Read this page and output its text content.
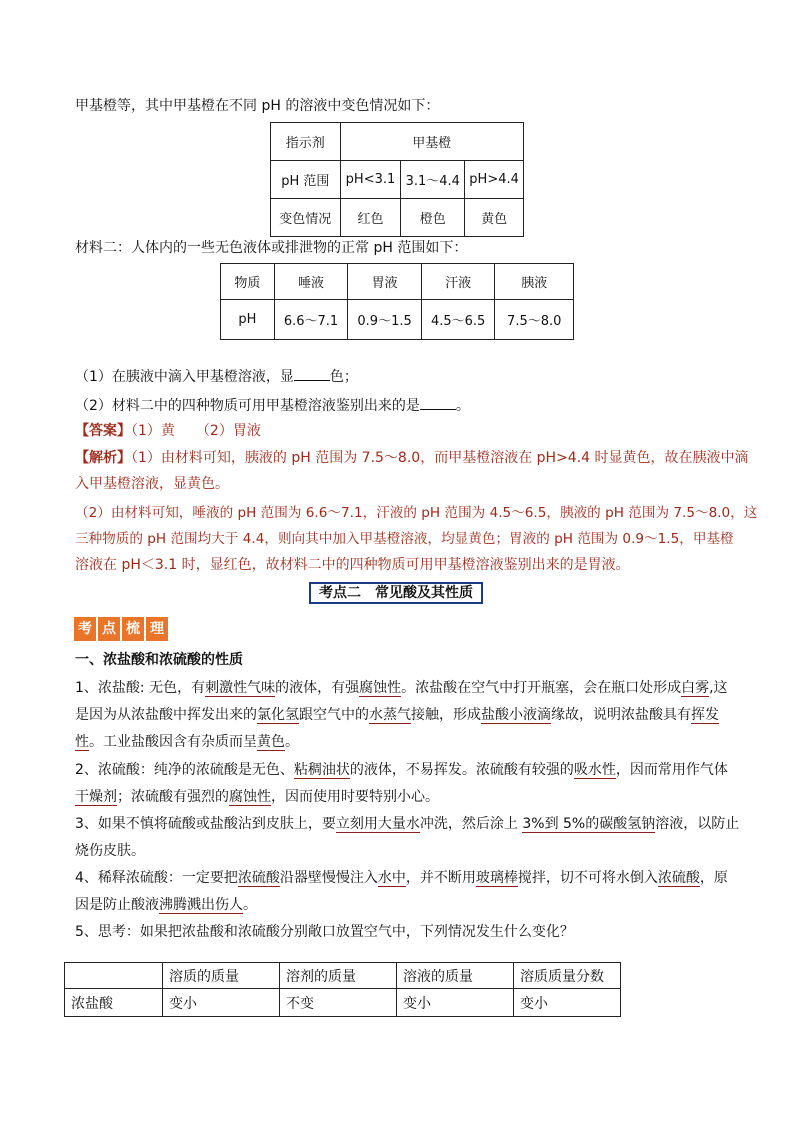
甲基橙等，其中甲基橙在不同 pH 的溶液中变色情况如下：
指示剂	甲基橙		
pH 范围	pH<3.1	3.1～4.4	pH>4.4
变色情况	红色	橙色	黄色
材料二：人体内的一些无色液体或排泄物的正常 pH 范围如下：
物质	唾液	胃液	汗液	胰液
pH	6.6～7.1	0.9～1.5	4.5～6.5	7.5～8.0
（1）在胰液中滴入甲基橙溶液，显	色；
（2）材料二中的四种物质可用甲基橙溶液鉴别出来的是	。
【答案】（1）黄　　（2）胃液
【解析】（1）由材料可知，胰液的 pH 范围为 7.5～8.0，而甲基橙溶液在 pH>4.4 时显黄色，故在胰液中滴
入甲基橙溶液，显黄色。
（2）由材料可知，唾液的 pH 范围为 6.6～7.1，汗液的 pH 范围为 4.5～6.5，胰液的 pH 范围为 7.5～8.0，这
三种物质的 pH 范围均大于 4.4，则向其中加入甲基橙溶液，均显黄色；胃液的 pH 范围为 0.9～1.5，甲基橙
溶液在 pH＜3.1 时，显红色，故材料二中的四种物质可用甲基橙溶液鉴别出来的是胃液。
考点二　常见酸及其性质
考 点 梳 理
一、浓盐酸和浓硫酸的性质
1、浓盐酸: 无色，有刺激性气味的液体，有强腐蚀性。浓盐酸在空气中打开瓶塞，会在瓶口处形成白雾,这
是因为从浓盐酸中挥发出来的氯化氢跟空气中的水蒸气接触，形成盐酸小液滴缘故，说明浓盐酸具有挥发
性。工业盐酸因含有杂质而呈黄色。
2、浓硫酸：纯净的浓硫酸是无色、粘稠油状的液体，不易挥发。浓硫酸有较强的吸水性，因而常用作气体
干燥剂；浓硫酸有强烈的腐蚀性，因而使用时要特别小心。
3、如果不慎将硫酸或盐酸沾到皮肤上，要立刻用大量水冲洗，然后涂上 3%到 5%的碳酸氢钠溶液，以防止
烧伤皮肤。
4、稀释浓硫酸：一定要把浓硫酸沿器壁慢慢注入水中，并不断用玻璃棒搅拌，切不可将水倒入浓硫酸，原
因是防止酸液沸腾溅出伤人。
5、思考：如果把浓盐酸和浓硫酸分别敞口放置空气中，下列情况发生什么变化？
	溶质的质量	溶剂的质量	溶液的质量	溶质质量分数
浓盐酸	变小	不变	变小	变小
